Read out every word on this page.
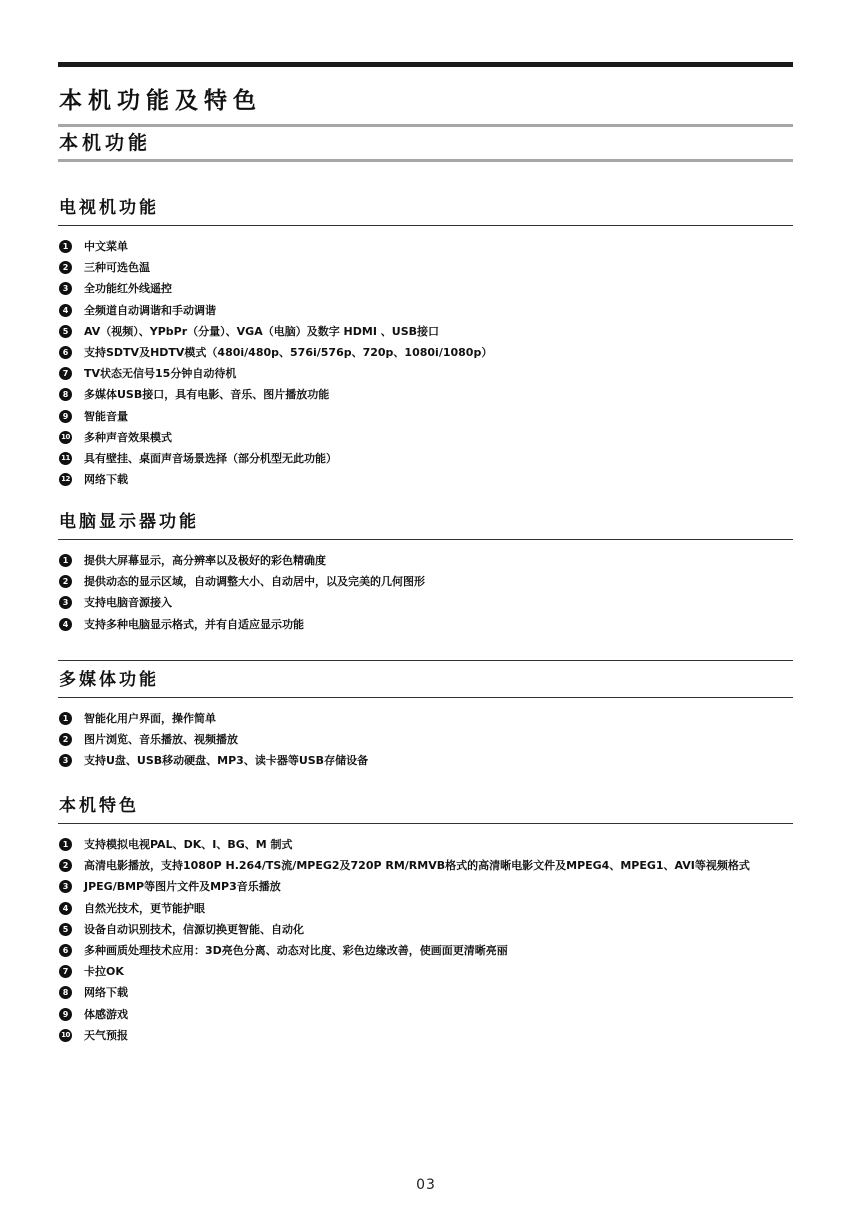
本机功能及特色
本机功能
电视机功能
1	中文菜单
2	三种可选色温
3	全功能红外线遥控
4	全频道自动调谐和手动调谐
5	AV（视频）、YPbPr（分量）、VGA（电脑）及数字 HDMI 、USB接口
6	支持SDTV及HDTV模式（480i/480p、576i/576p、720p、1080i/1080p）
7	TV状态无信号15分钟自动待机
8	多媒体USB接口，具有电影、音乐、图片播放功能
9	智能音量
10 多种声音效果模式
11 具有壁挂、桌面声音场景选择（部分机型无此功能）
12 网络下载
电脑显示器功能
1	提供大屏幕显示，高分辨率以及极好的彩色精确度
2	提供动态的显示区域，自动调整大小、自动居中，以及完美的几何图形
3	支持电脑音源接入
4	支持多种电脑显示格式，并有自适应显示功能
多媒体功能
1	智能化用户界面，操作简单
2	图片浏览、音乐播放、视频播放
3	支持U盘、USB移动硬盘、MP3、读卡器等USB存储设备
本机特色
1	支持模拟电视PAL、DK、I、BG、M 制式
2	高清电影播放，支持1080P H.264/TS流/MPEG2及720P RM/RMVB格式的高清晰电影文件及MPEG4、MPEG1、AVI等视频格式
3	JPEG/BMP等图片文件及MP3音乐播放
4	自然光技术，更节能护眼
5	设备自动识别技术，信源切换更智能、自动化
6	多种画质处理技术应用：3D亮色分离、动态对比度、彩色边缘改善，使画面更清晰亮丽
7	卡拉OK
8	网络下载
9	体感游戏
10 天气预报
03
